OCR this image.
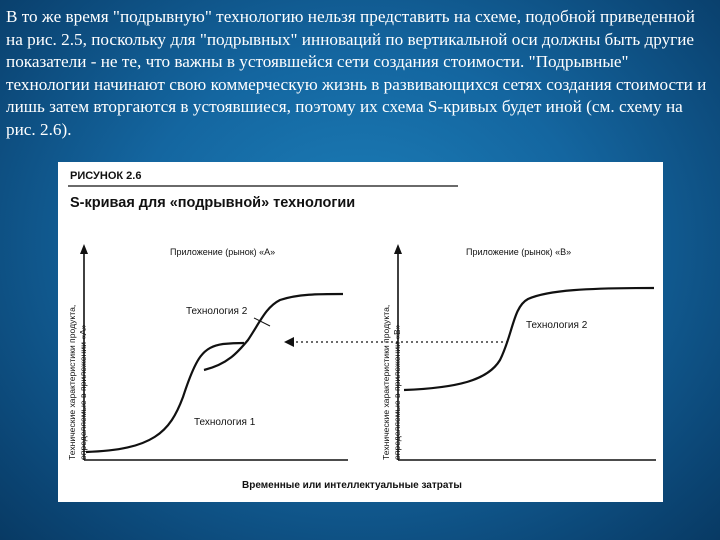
В то же время "подрывную" технологию нельзя представить на схеме, подобной приведенной на рис. 2.5, поскольку для "подрывных" инноваций по вертикальной оси должны быть другие показатели - не те, что важны в устоявшейся сети создания стоимости. "Подрывные" технологии начинают свою коммерческую жизнь в развивающихся сетях создания стоимости и лишь затем вторгаются в устоявшиеся, поэтому их схема S-кривых будет иной (см. схему на рис. 2.6).

РИСУНОК 2.6
S-кривая для «подрывной» технологии
Приложение (рынок) «А»
Технические характеристики продукта, определяемые в приложении «А»
Технология 2
Технология 1
Приложение (рынок) «В»
Технические характеристики продукта, определяемые в приложении «В»	Технология 2
Временные или интеллектуальные затраты
